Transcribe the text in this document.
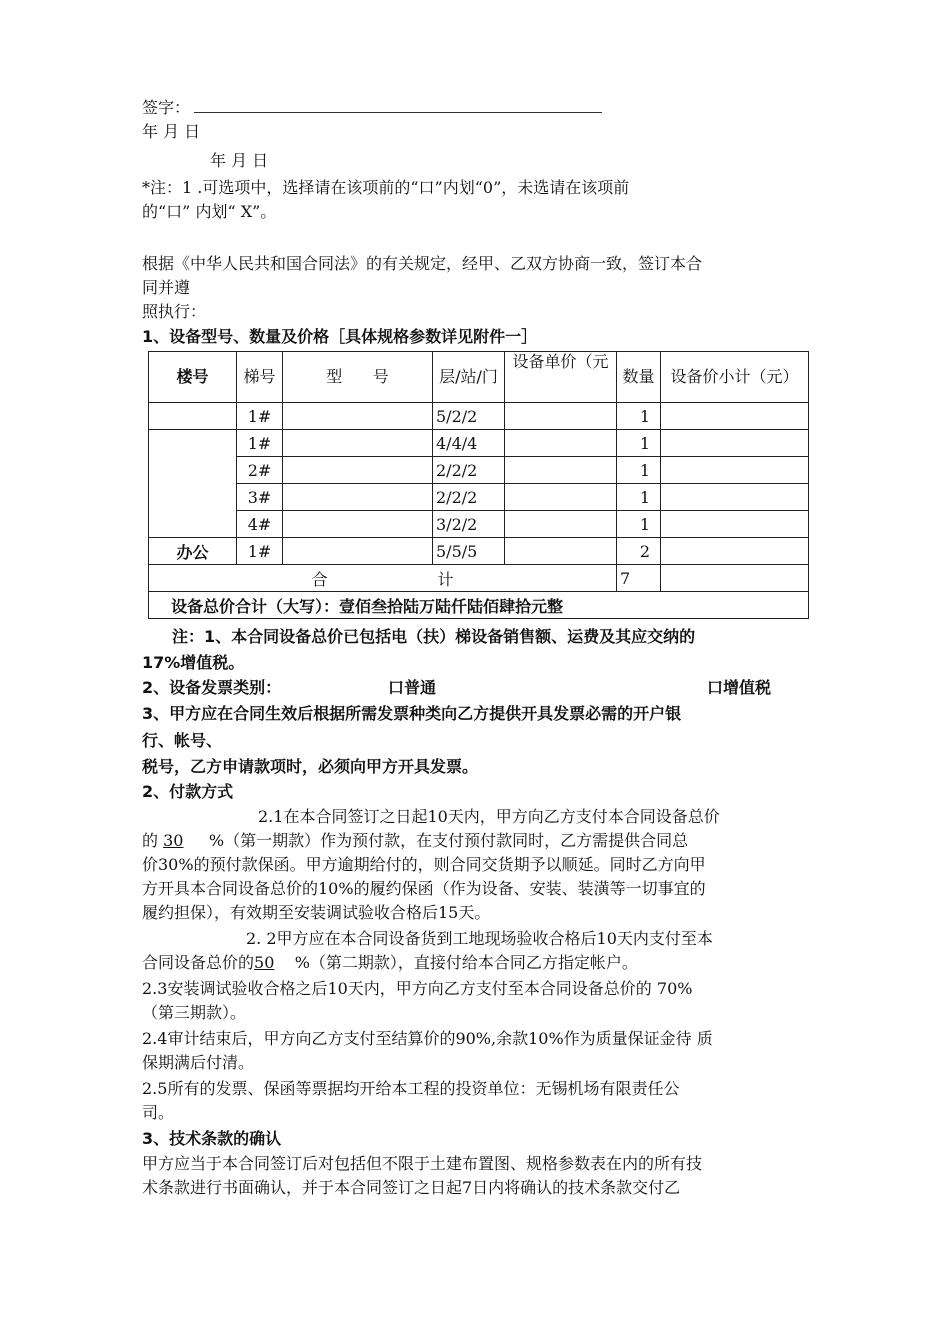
签字：
年 月 日
年 月 日
*注：1 .可选项中，选择请在该项前的“口”内划“0”，未选请在该项前
的“口” 内划“ X”。
根据《中华人民共和国合同法》的有关规定，经甲、乙双方协商一致，签订本合
同并遵
照执行：
1、设备型号、数量及价格［具体规格参数详见附件一］
楼号	梯号	型      号	层/站/门	设备单价（元	数量	设备价小计（元）
	1#		5/2/2		1	
	1#		4/4/4		1	
	2#		2/2/2		1	
	3#		2/2/2		1	
	4#		3/2/2		1	
办公	1#		5/5/5		2	
合 计					7	
设备总价合计（大写）：壹佰叁拾陆万陆仟陆佰肆拾元整						
注：1、本合同设备总价已包括电（扶）梯设备销售额、运费及其应交纳的
17%增值税。
2、设备发票类别：	口普通	口增值税
3、甲方应在合同生效后根据所需发票种类向乙方提供开具发票必需的开户银
行、帐号、
税号，乙方申请款项时，必须向甲方开具发票。
2、付款方式
2.1在本合同签订之日起10天内，甲方向乙方支付本合同设备总价
的 30     %（第一期款）作为预付款，在支付预付款同时，乙方需提供合同总
价30%的预付款保函。甲方逾期给付的，则合同交货期予以顺延。同时乙方向甲
方开具本合同设备总价的10%的履约保函（作为设备、安装、装潢等一切事宜的
履约担保），有效期至安装调试验收合格后15天。
2. 2甲方应在本合同设备货到工地现场验收合格后10天内支付至本
合同设备总价的50    %（第二期款），直接付给本合同乙方指定帐户。
2.3安装调试验收合格之后10天内，甲方向乙方支付至本合同设备总价的 70%
（第三期款）。
2.4审计结束后，甲方向乙方支付至结算价的90%,余款10%作为质量保证金待 质
保期满后付清。
2.5所有的发票、保函等票据均开给本工程的投资单位：无锡机场有限责任公
司。
3、技术条款的确认
甲方应当于本合同签订后对包括但不限于土建布置图、规格参数表在内的所有技
术条款进行书面确认，并于本合同签订之日起7日内将确认的技术条款交付乙
